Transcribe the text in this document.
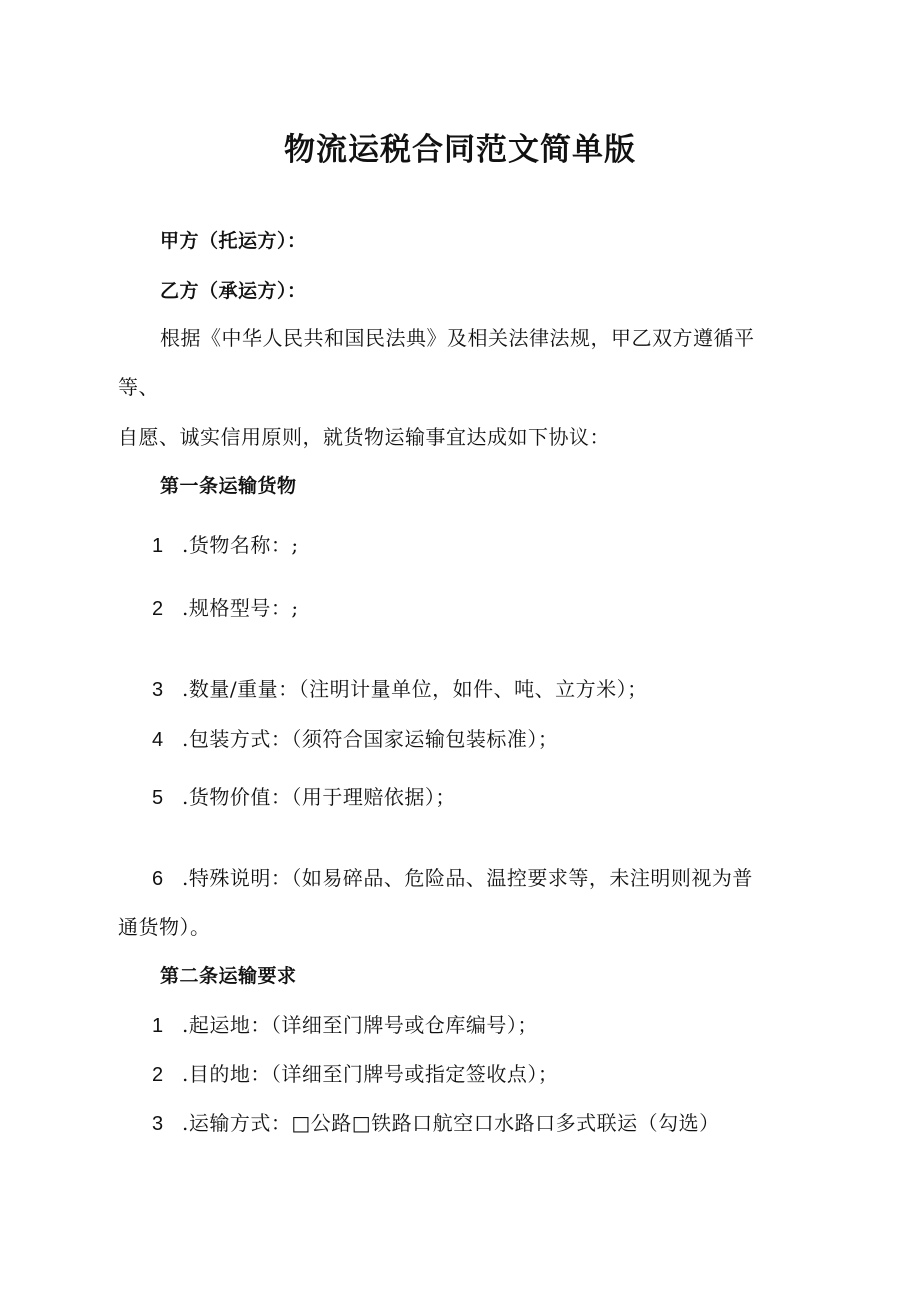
物流运税合同范文简单版
甲方（托运方）：
乙方（承运方）：
根据《中华人民共和国民法典》及相关法律法规，甲乙双方遵循平
等、
自愿、诚实信用原则，就货物运输事宜达成如下协议：
第一条运输货物
1 .货物名称：;
2 .规格型号：;
3 .数量/重量：（注明计量单位，如件、吨、立方米）；
4 .包装方式：（须符合国家运输包装标准）；
5 .货物价值：（用于理赔依据）；
6 .特殊说明：（如易碎品、危险品、温控要求等，未注明则视为普
通货物）。
第二条运输要求
1 .起运地：（详细至门牌号或仓库编号）；
2 .目的地：（详细至门牌号或指定签收点）；
3 .运输方式：□公路□铁路口航空口水路口多式联运（勾选）
